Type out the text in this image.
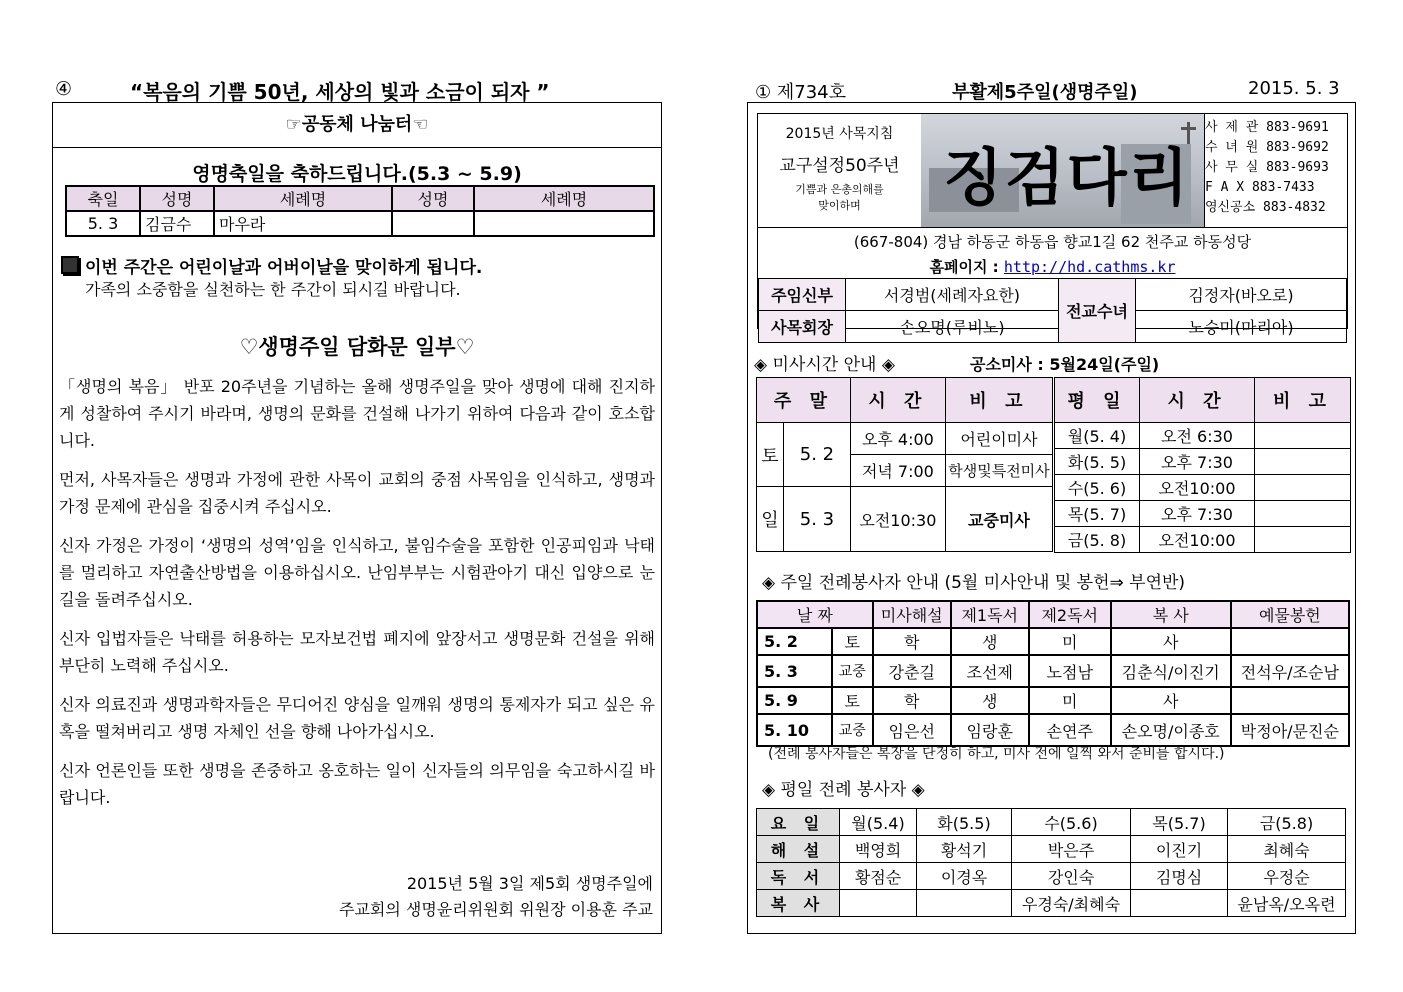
④	“복음의 기쁨 50년, 세상의 빛과 소금이 되자 ”
☞공동체 나눔터☜
영명축일을 축하드립니다.(5.3 ~ 5.9)
축일	성명	세례명	성명	세례명
5. 3	김금수	마우라		
이번 주간은 어린이날과 어버이날을 맞이하게 됩니다.
가족의 소중함을 실천하는 한 주간이 되시길 바랍니다.
♡생명주일 담화문 일부♡

「생명의 복음」 반포 20주년을 기념하는 올해 생명주일을 맞아 생명에 대해 진지하게 성찰하여 주시기 바라며, 생명의 문화를 건설해 나가기 위하여 다음과 같이 호소합니다.

먼저, 사목자들은 생명과 가정에 관한 사목이 교회의 중점 사목임을 인식하고, 생명과 가정 문제에 관심을 집중시켜 주십시오.

신자 가정은 가정이 ‘생명의 성역’임을 인식하고, 불임수술을 포함한 인공피임과 낙태를 멀리하고 자연출산방법을 이용하십시오. 난임부부는 시험관아기 대신 입양으로 눈길을 돌려주십시오.

신자 입법자들은 낙태를 허용하는 모자보건법 폐지에 앞장서고 생명문화 건설을 위해 부단히 노력해 주십시오.

신자 의료진과 생명과학자들은 무디어진 양심을 일깨워 생명의 통제자가 되고 싶은 유혹을 떨쳐버리고 생명 자체인 선을 향해 나아가십시오.

신자 언론인들 또한 생명을 존중하고 옹호하는 일이 신자들의 의무임을 숙고하시길 바랍니다.

2015년 5월 3일 제5회 생명주일에
주교회의 생명윤리위원회 위원장 이용훈 주교
① 제734호	부활제5주일(생명주일)	2015. 5. 3
2015년 사목지침
교구설정50주년
기쁨과 은총의해를
맞이하며	징검다리
사 제 관 883-9691
수 녀 원 883-9692
사 무 실 883-9693
F A X 883-7433
영신공소 883-4832
(667-804) 경남 하동군 하동읍 향교1길 62 천주교 하동성당
홈페이지 : http://hd.cathms.kr
주임신부	서경범(세례자요한)	전교수녀	김정자(바오로)
사목회장	손오명(루비노)		노승미(마리아)
◈ 미사시간 안내 ◈	공소미사 : 5월24일(주일)
주 말		시 간	비 고
토	5. 2	오후 4:00	어린이미사
		저녁 7:00	학생및특전미사
일	5. 3	오전10:30	교중미사
평 일	시 간	비 고
월(5. 4)	오전 6:30	
화(5. 5)	오후 7:30	
수(5. 6)	오전10:00	
목(5. 7)	오후 7:30	
금(5. 8)	오전10:00	
◈ 주일 전례봉사자 안내 (5월 미사안내 및 봉헌⇒ 부연반)
날 짜		미사해설	제1독서	제2독서	복 사	예물봉헌
5. 2	토	학	생	미	사	
5. 3	교중	강춘길	조선제	노점남	김춘식/이진기	전석우/조순남
5. 9	토	학	생	미	사	
5. 10	교중	임은선	임랑훈	손연주	손오명/이종호	박정아/문진순
(전례 봉사자들은 복장을 단정히 하고, 미사 전에 일찍 와서 준비를 합시다.)
◈ 평일 전례 봉사자 ◈
요 일	월(5.4)	화(5.5)	수(5.6)	목(5.7)	금(5.8)
해 설	백영희	황석기	박은주	이진기	최혜숙
독 서	황점순	이경옥	강인숙	김명심	우정순
복 사			우경숙/최혜숙		윤남옥/오옥련
